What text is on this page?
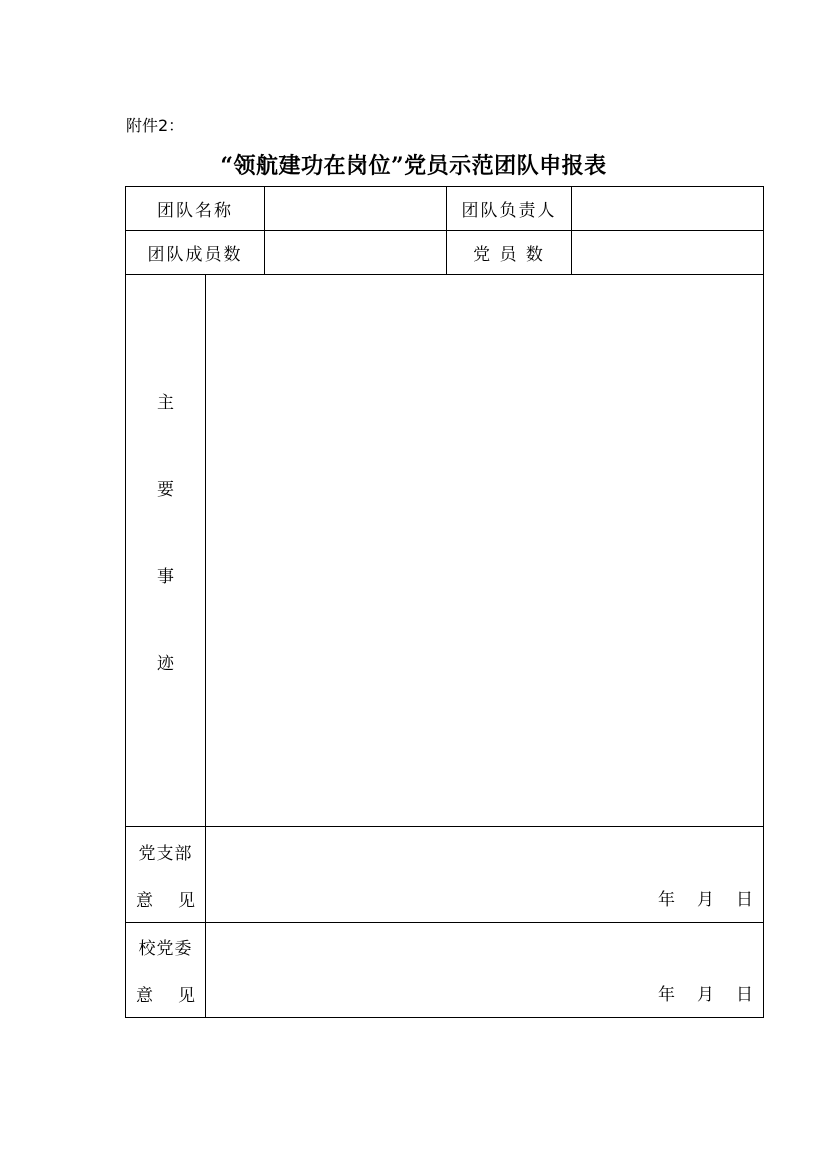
附件2：
“领航建功在岗位”党员示范团队申报表
团队名称			团队负责人	
团队成员数			党 员 数	

主
要
事
迹				

党支部
意 见	年 月 日			

校党委
意 见	年 月 日			
